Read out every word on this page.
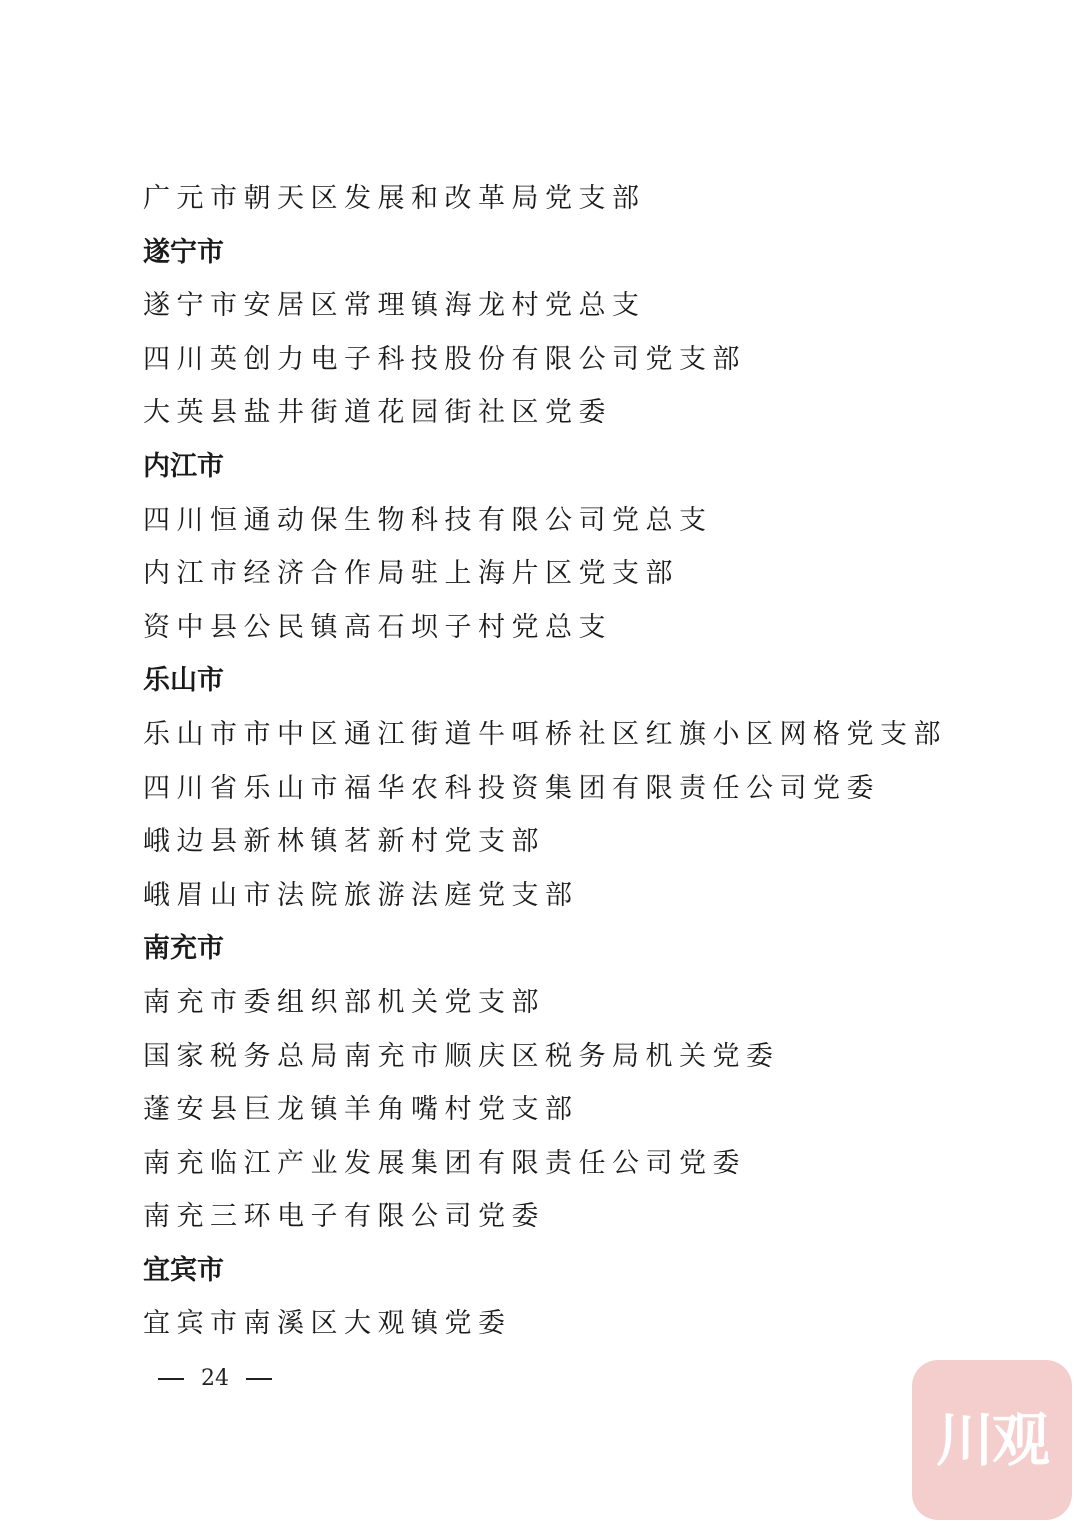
广元市朝天区发展和改革局党支部
遂宁市
遂宁市安居区常理镇海龙村党总支
四川英创力电子科技股份有限公司党支部
大英县盐井街道花园街社区党委
内江市
四川恒通动保生物科技有限公司党总支
内江市经济合作局驻上海片区党支部
资中县公民镇高石坝子村党总支
乐山市
乐山市市中区通江街道牛咡桥社区红旗小区网格党支部
四川省乐山市福华农科投资集团有限责任公司党委
峨边县新林镇茗新村党支部
峨眉山市法院旅游法庭党支部
南充市
南充市委组织部机关党支部
国家税务总局南充市顺庆区税务局机关党委
蓬安县巨龙镇羊角嘴村党支部
南充临江产业发展集团有限责任公司党委
南充三环电子有限公司党委
宜宾市
宜宾市南溪区大观镇党委
24
川观
